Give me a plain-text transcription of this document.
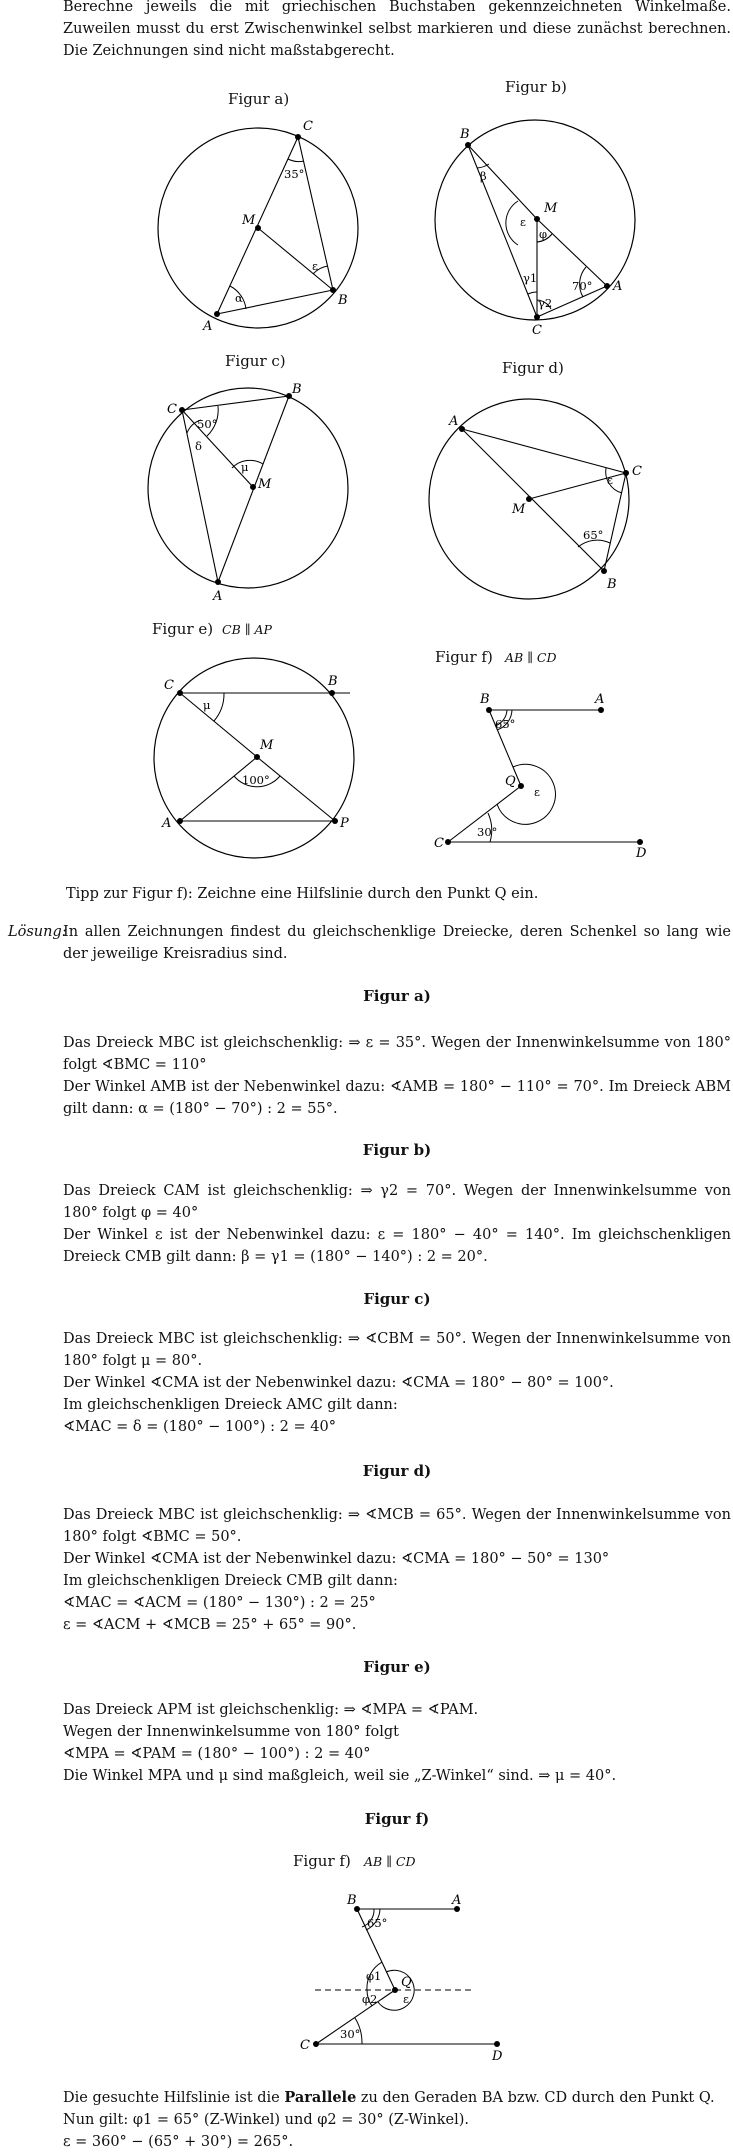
Berechne jeweils die mit griechischen Buchstaben gekennzeichneten Winkelmaße. Zuweilen musst du erst Zwischenwinkel selbst markieren und diese zunächst berechnen. Die Zeichnungen sind nicht maßstabgerecht.

Figur a)
A
B
C
M
35°
α
ε
Figur b)
B
M
C
A
β
ε
φ
γ1
γ2
70°
Figur c)
C
B
A
M
50°
δ
μ
Figur d)
A
C
B
M
ε
65°
Figur e) CB ∥ AP
C	B
M
A	P
μ
100°
Figur f) AB ∥ CD
B	A
Q
C
D
65°
ε
30°

Tipp zur Figur f): Zeichne eine Hilfslinie durch den Punkt Q ein.

Lösung:

In allen Zeichnungen findest du gleichschenklige Dreiecke, deren Schenkel so lang wie der jeweilige Kreisradius sind.

Figur a)

Das Dreieck MBC ist gleichschenklig: ⇒ ε = 35°. Wegen der Innenwinkelsumme von 180° folgt ∢BMC = 110°

Der Winkel AMB ist der Nebenwinkel dazu: ∢AMB = 180° − 110° = 70°. Im Dreieck ABM gilt dann: α = (180° − 70°) : 2 = 55°.

Figur b)

Das Dreieck CAM ist gleichschenklig: ⇒ γ2 = 70°. Wegen der Innenwinkelsumme von 180° folgt φ = 40°

Der Winkel ε ist der Nebenwinkel dazu: ε = 180° − 40° = 140°. Im gleichschenkligen Dreieck CMB gilt dann: β = γ1 = (180° − 140°) : 2 = 20°.

Figur c)

Das Dreieck MBC ist gleichschenklig: ⇒ ∢CBM = 50°. Wegen der Innenwinkelsumme von 180° folgt μ = 80°.

Der Winkel ∢CMA ist der Nebenwinkel dazu: ∢CMA = 180° − 80° = 100°.

Im gleichschenkligen Dreieck AMC gilt dann:

∢MAC = δ = (180° − 100°) : 2 = 40°

Figur d)

Das Dreieck MBC ist gleichschenklig: ⇒ ∢MCB = 65°. Wegen der Innenwinkelsumme von 180° folgt ∢BMC = 50°.

Der Winkel ∢CMA ist der Nebenwinkel dazu: ∢CMA = 180° − 50° = 130°

Im gleichschenkligen Dreieck CMB gilt dann:

∢MAC = ∢ACM = (180° − 130°) : 2 = 25°

ε = ∢ACM + ∢MCB = 25° + 65° = 90°.

Figur e)

Das Dreieck APM ist gleichschenklig: ⇒ ∢MPA = ∢PAM.

Wegen der Innenwinkelsumme von 180° folgt

∢MPA = ∢PAM = (180° − 100°) : 2 = 40°

Die Winkel MPA und μ sind maßgleich, weil sie „Z-Winkel“ sind. ⇒ μ = 40°.

Figur f)
Figur f) AB ∥ CD
B	A
Q
C
D
65°
φ1
φ2 ε
30°

Die gesuchte Hilfslinie ist die Parallele zu den Geraden BA bzw. CD durch den Punkt Q.

Nun gilt: φ1 = 65° (Z-Winkel) und φ2 = 30° (Z-Winkel).

ε = 360° − (65° + 30°) = 265°.
